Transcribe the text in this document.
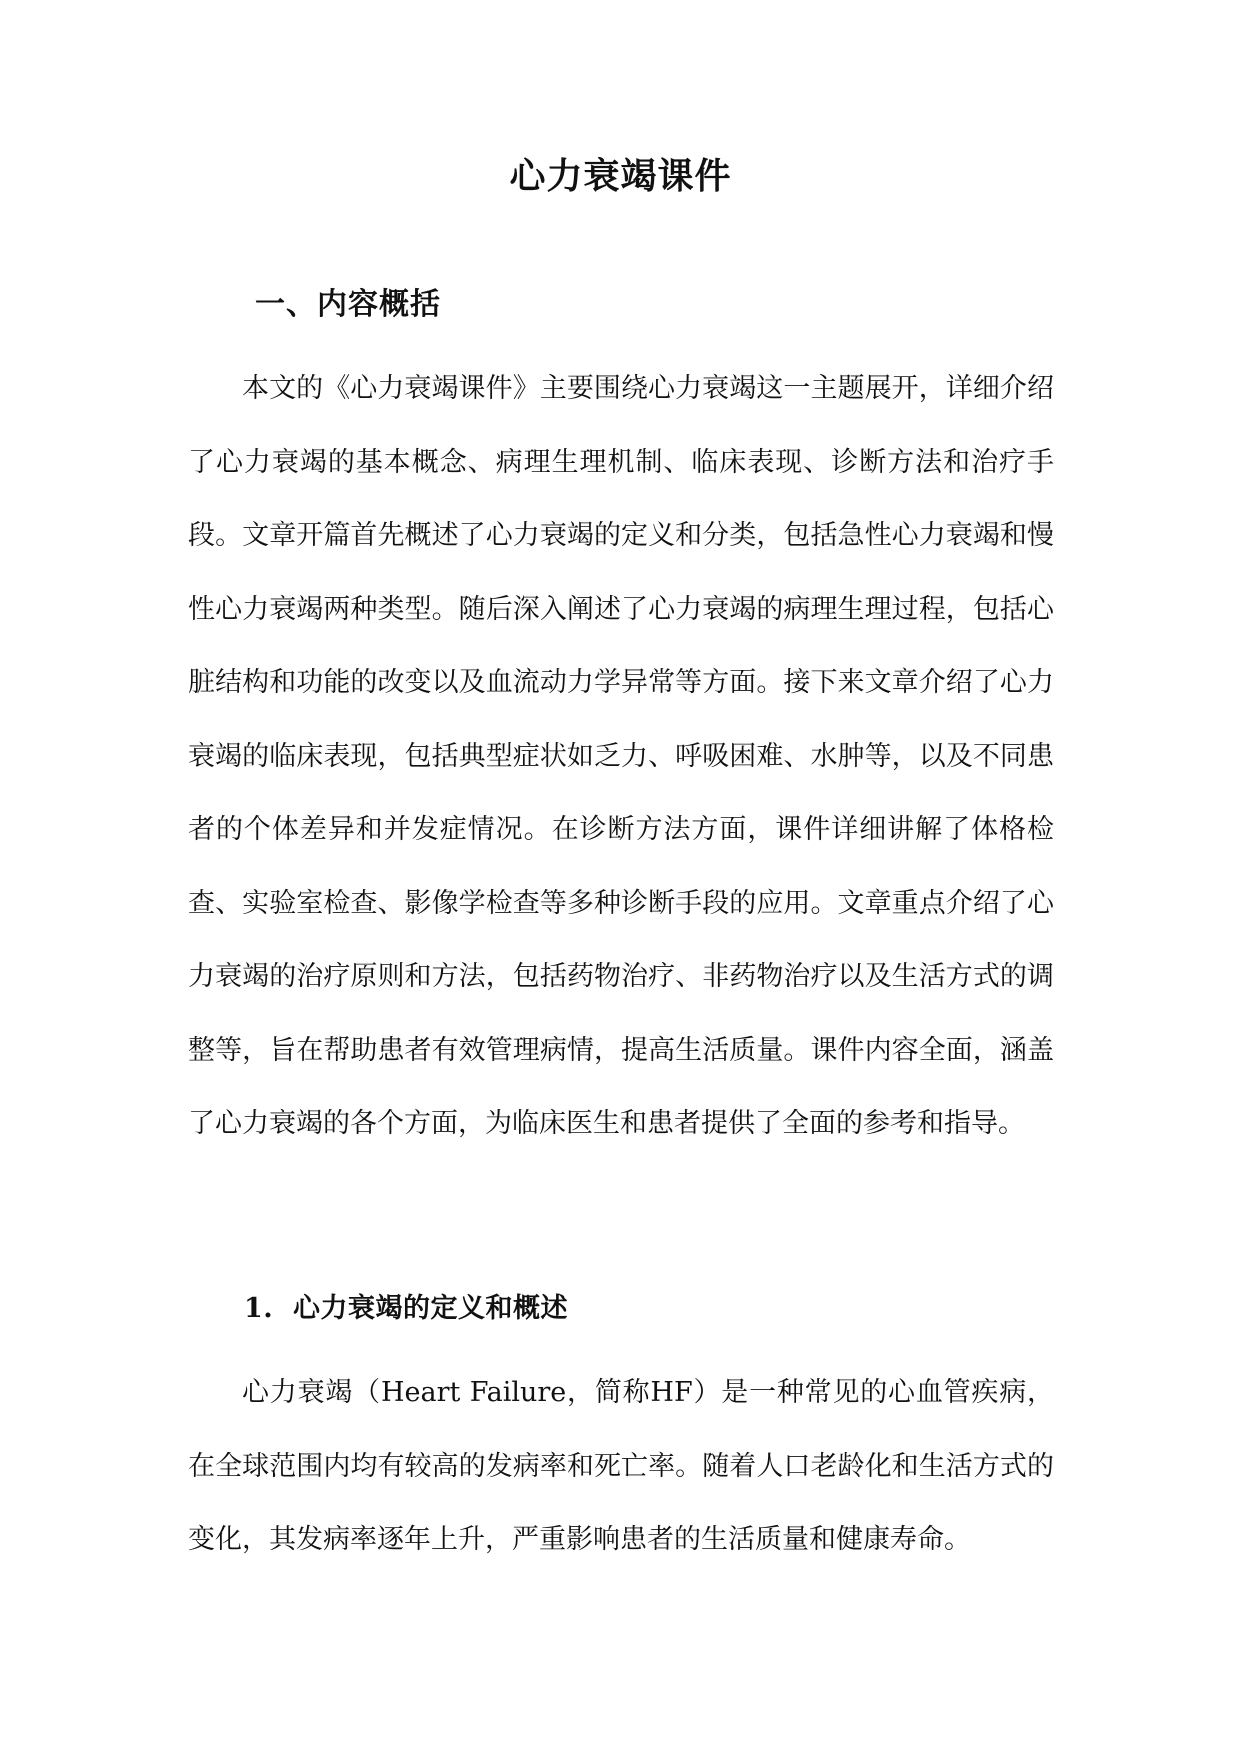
心力衰竭课件
一、内容概括

本文的《心力衰竭课件》主要围绕心力衰竭这一主题展开，详细介绍了心力衰竭的基本概念、病理生理机制、临床表现、诊断方法和治疗手段。文章开篇首先概述了心力衰竭的定义和分类，包括急性心力衰竭和慢性心力衰竭两种类型。随后深入阐述了心力衰竭的病理生理过程，包括心脏结构和功能的改变以及血流动力学异常等方面。接下来文章介绍了心力衰竭的临床表现，包括典型症状如乏力、呼吸困难、水肿等，以及不同患者的个体差异和并发症情况。在诊断方法方面，课件详细讲解了体格检查、实验室检查、影像学检查等多种诊断手段的应用。文章重点介绍了心力衰竭的治疗原则和方法，包括药物治疗、非药物治疗以及生活方式的调整等，旨在帮助患者有效管理病情，提高生活质量。课件内容全面，涵盖了心力衰竭的各个方面，为临床医生和患者提供了全面的参考和指导。

1.  心力衰竭的定义和概述

心力衰竭（Heart Failure，简称HF）是一种常见的心血管疾病，在全球范围内均有较高的发病率和死亡率。随着人口老龄化和生活方式的变化，其发病率逐年上升，严重影响患者的生活质量和健康寿命。
